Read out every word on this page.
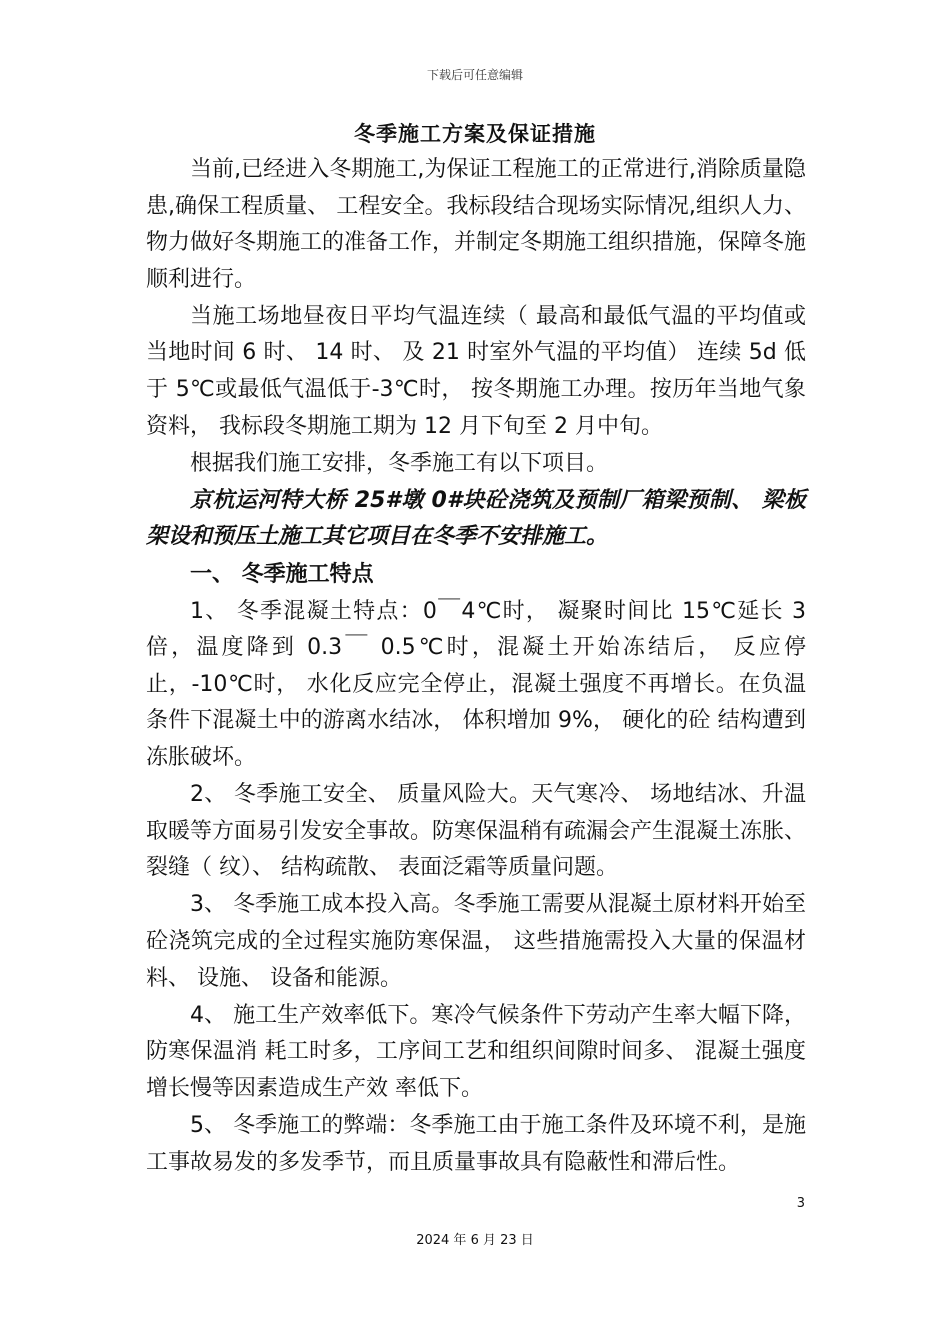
下载后可任意编辑
冬季施工方案及保证措施

当前,已经进入冬期施工,为保证工程施工的正常进行,消除质量隐患,确保工程质量、 工程安全。我标段结合现场实际情况,组织人力、 物力做好冬期施工的准备工作，并制定冬期施工组织措施，保障冬施顺利进行。

当施工场地昼夜日平均气温连续（ 最高和最低气温的平均值或当地时间 6 时、 14 时、 及 21 时室外气温的平均值） 连续 5d 低于 5℃或最低气温低于-3℃时， 按冬期施工办理。按历年当地气象资料， 我标段冬期施工期为 12 月下旬至 2 月中旬。

根据我们施工安排，冬季施工有以下项目。

京杭运河特大桥 25#墩 0#块砼浇筑及预制厂箱梁预制、 梁板架设和预压土施工其它项目在冬季不安排施工。

一、 冬季施工特点

1、 冬季混凝土特点：0￣4℃时， 凝聚时间比 15℃延长 3 倍，温度降到 0.3￣ 0.5℃时，混凝土开始冻结后， 反应停止，-10℃时， 水化反应完全停止，混凝土强度不再增长。在负温条件下混凝土中的游离水结冰， 体积增加 9%， 硬化的砼 结构遭到冻胀破坏。

2、 冬季施工安全、 质量风险大。天气寒冷、 场地结冰、升温取暖等方面易引发安全事故。防寒保温稍有疏漏会产生混凝土冻胀、 裂缝（ 纹）、 结构疏散、 表面泛霜等质量问题。

3、 冬季施工成本投入高。冬季施工需要从混凝土原材料开始至砼浇筑完成的全过程实施防寒保温， 这些措施需投入大量的保温材料、 设施、 设备和能源。

4、 施工生产效率低下。寒冷气候条件下劳动产生率大幅下降，防寒保温消 耗工时多，工序间工艺和组织间隙时间多、 混凝土强度增长慢等因素造成生产效 率低下。

5、 冬季施工的弊端：冬季施工由于施工条件及环境不利，是施工事故易发的多发季节，而且质量事故具有隐蔽性和滞后性。

3
2024 年 6 月 23 日
